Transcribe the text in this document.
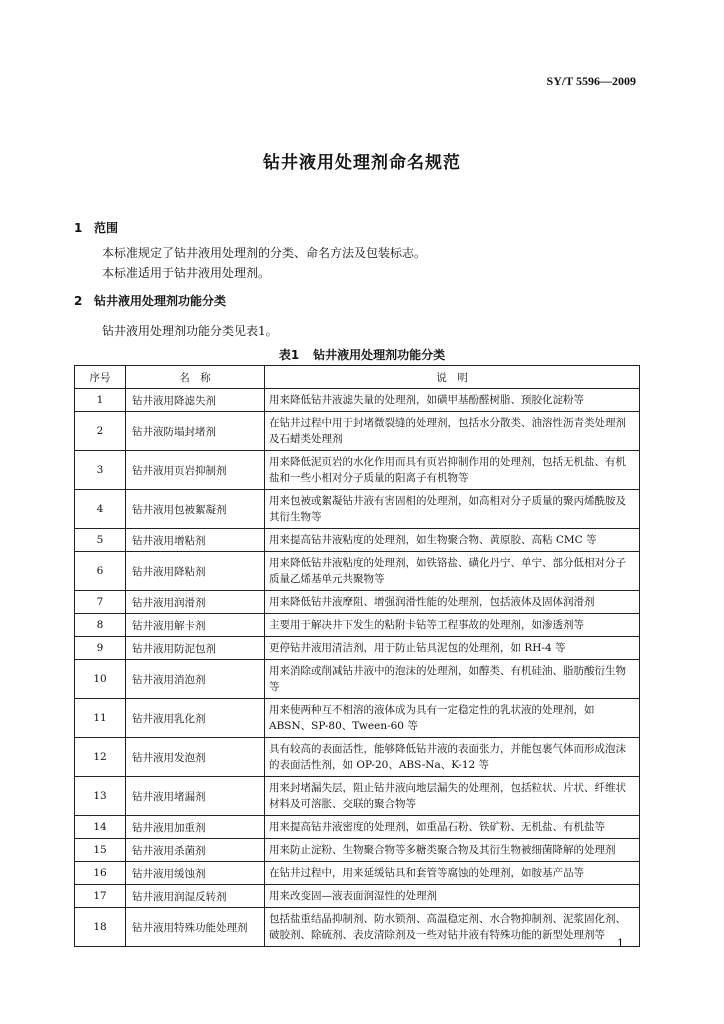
SY/T 5596—2009
钻井液用处理剂命名规范
1 范围
本标准规定了钻井液用处理剂的分类、命名方法及包装标志。
本标准适用于钻井液用处理剂。
2 钻井液用处理剂功能分类
钻井液用处理剂功能分类见表1。
表1 钻井液用处理剂功能分类
序号	名　称	说　明
1	钻井液用降滤失剂	用来降低钻井液滤失量的处理剂，如磺甲基酚醛树脂、预胶化淀粉等
2	钻井液防塌封堵剂	在钻井过程中用于封堵微裂缝的处理剂，包括水分散类、油溶性沥青类处理剂及石蜡类处理剂
3	钻井液用页岩抑制剂	用来降低泥页岩的水化作用而具有页岩抑制作用的处理剂，包括无机盐、有机盐和一些小相对分子质量的阳离子有机物等
4	钻井液用包被絮凝剂	用来包被或絮凝钻井液有害固相的处理剂，如高相对分子质量的聚丙烯酰胺及其衍生物等
5	钻井液用增粘剂	用来提高钻井液粘度的处理剂，如生物聚合物、黄原胶、高粘 CMC 等
6	钻井液用降粘剂	用来降低钻井液粘度的处理剂，如铁铬盐、磺化丹宁、单宁、部分低相对分子质量乙烯基单元共聚物等
7	钻井液用润滑剂	用来降低钻井液摩阻、增强润滑性能的处理剂，包括液体及固体润滑剂
8	钻井液用解卡剂	主要用于解决井下发生的粘附卡钻等工程事故的处理剂，如渗透剂等
9	钻井液用防泥包剂	更停钻井液用清洁剂，用于防止钻具泥包的处理剂，如 RH-4 等
10	钻井液用消泡剂	用来消除或削减钻井液中的泡沫的处理剂，如醇类、有机硅油、脂肪酸衍生物等
11	钻井液用乳化剂	用来使两种互不相溶的液体成为具有一定稳定性的乳状液的处理剂，如ABSN、SP-80、Tween-60 等
12	钻井液用发泡剂	具有较高的表面活性，能够降低钻井液的表面张力，并能包裹气体而形成泡沫的表面活性剂，如 OP-20、ABS-Na、K-12 等
13	钻井液用堵漏剂	用来封堵漏失层，阻止钻井液向地层漏失的处理剂，包括粒状、片状、纤维状材料及可溶胀、交联的聚合物等
14	钻井液用加重剂	用来提高钻井液密度的处理剂，如重晶石粉、铁矿粉、无机盐、有机盐等
15	钻井液用杀菌剂	用来防止淀粉、生物聚合物等多糖类聚合物及其衍生物被细菌降解的处理剂
16	钻井液用缓蚀剂	在钻井过程中，用来延缓钻具和套管等腐蚀的处理剂，如胺基产品等
17	钻井液用润湿反转剂	用来改变固—液表面润湿性的处理剂
18	钻井液用特殊功能处理剂	包括盐重结晶抑制剂、防水锁剂、高温稳定剂、水合物抑制剂、泥浆固化剂、破胶剂、除硫剂、表皮清除剂及一些对钻井液有特殊功能的新型处理剂等
1
